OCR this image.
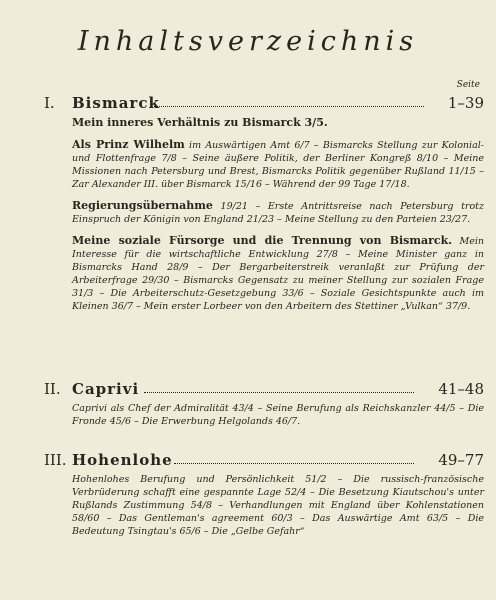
Inhaltsverzeichnis
Seite
I. Bismarck	1–39
Mein inneres Verhältnis zu Bismarck 3/5.
Als Prinz Wilhelm im Auswärtigen Amt 6/7 – Bismarcks Stellung zur Kolonial- und Flottenfrage 7/8 – Seine äußere Politik, der Berliner Kongreß 8/10 – Meine Missionen nach Petersburg und Brest, Bismarcks Politik gegenüber Rußland 11/15 – Zar Alexander III. über Bismarck 15/16 – Während der 99 Tage 17/18.
Regierungsübernahme 19/21 – Erste Antrittsreise nach Petersburg trotz Einspruch der Königin von England 21/23 – Meine Stellung zu den Parteien 23/27.
Meine soziale Fürsorge und die Trennung von Bismarck. Mein Interesse für die wirtschaftliche Entwicklung 27/8 – Meine Minister ganz in Bismarcks Hand 28/9 – Der Bergarbeiterstreik veranlaßt zur Prüfung der Arbeiterfrage 29/30 – Bismarcks Gegensatz zu meiner Stellung zur sozialen Frage 31/3 – Die Arbeiterschutz-Gesetzgebung 33/6 – Soziale Gesichtspunkte auch im Kleinen 36/7 – Mein erster Lorbeer von den Arbeitern des Stettiner „Vulkan“ 37/9.
II. Caprivi	41–48
Caprivi als Chef der Admiralität 43/4 – Seine Berufung als Reichskanzler 44/5 – Die Fronde 45/6 – Die Erwerbung Helgolands 46/7.
III. Hohenlohe	49–77
Hohenlohes Berufung und Persönlichkeit 51/2 – Die russisch-französische Verbrüderung schafft eine gespannte Lage 52/4 – Die Besetzung Kiautschou's unter Rußlands Zustimmung 54/8 – Verhandlungen mit England über Kohlenstationen 58/60 – Das Gentleman's agreement 60/3 – Das Auswärtige Amt 63/5 – Die Bedeutung Tsingtau's 65/6 – Die „Gelbe Gefahr“
